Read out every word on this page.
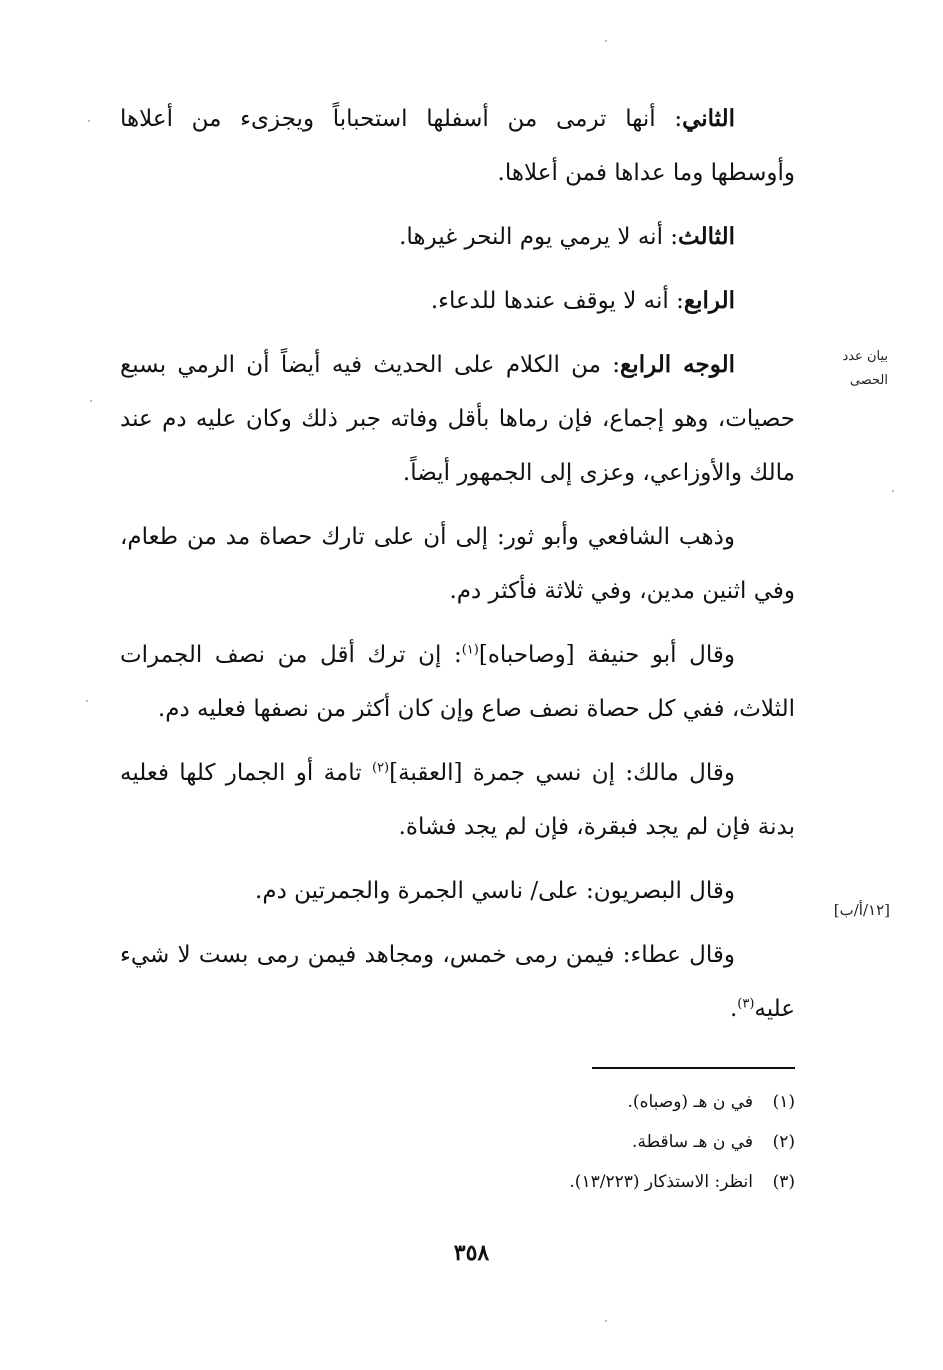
الثاني: أنها ترمى من أسفلها استحباباً ويجزىء من أعلاها وأوسطها وما عداها فمن أعلاها.

الثالث: أنه لا يرمي يوم النحر غيرها.

الرابع: أنه لا يوقف عندها للدعاء.

الوجه الرابع: من الكلام على الحديث فيه أيضاً أن الرمي بسبع حصيات، وهو إجماع، فإن رماها بأقل وفاته جبر ذلك وكان عليه دم عند مالك والأوزاعي، وعزى إلى الجمهور أيضاً.

وذهب الشافعي وأبو ثور: إلى أن على تارك حصاة مد من طعام، وفي اثنين مدين، وفي ثلاثة فأكثر دم.

وقال أبو حنيفة [وصاحباه]$^{(١)}$: إن ترك أقل من نصف الجمرات الثلاث، ففي كل حصاة نصف صاع وإن كان أكثر من نصفها فعليه دم.

وقال مالك: إن نسي جمرة [العقبة]$^{(٢)}$ تامة أو الجمار كلها فعليه بدنة فإن لم يجد فبقرة، فإن لم يجد فشاة.

وقال البصريون: على/ ناسي الجمرة والجمرتين دم.

وقال عطاء: فيمن رمى خمس، ومجاهد فيمن رمى بست لا شيء عليه$^{(٣)}$.

بيان عدد الحصى
[١٢/أ/ب]
(١)في ن هـ (وصباه).
(٢)في ن هـ ساقطة.
(٣)انظر: الاستذكار (١٣/٢٢٣).
٣٥٨
